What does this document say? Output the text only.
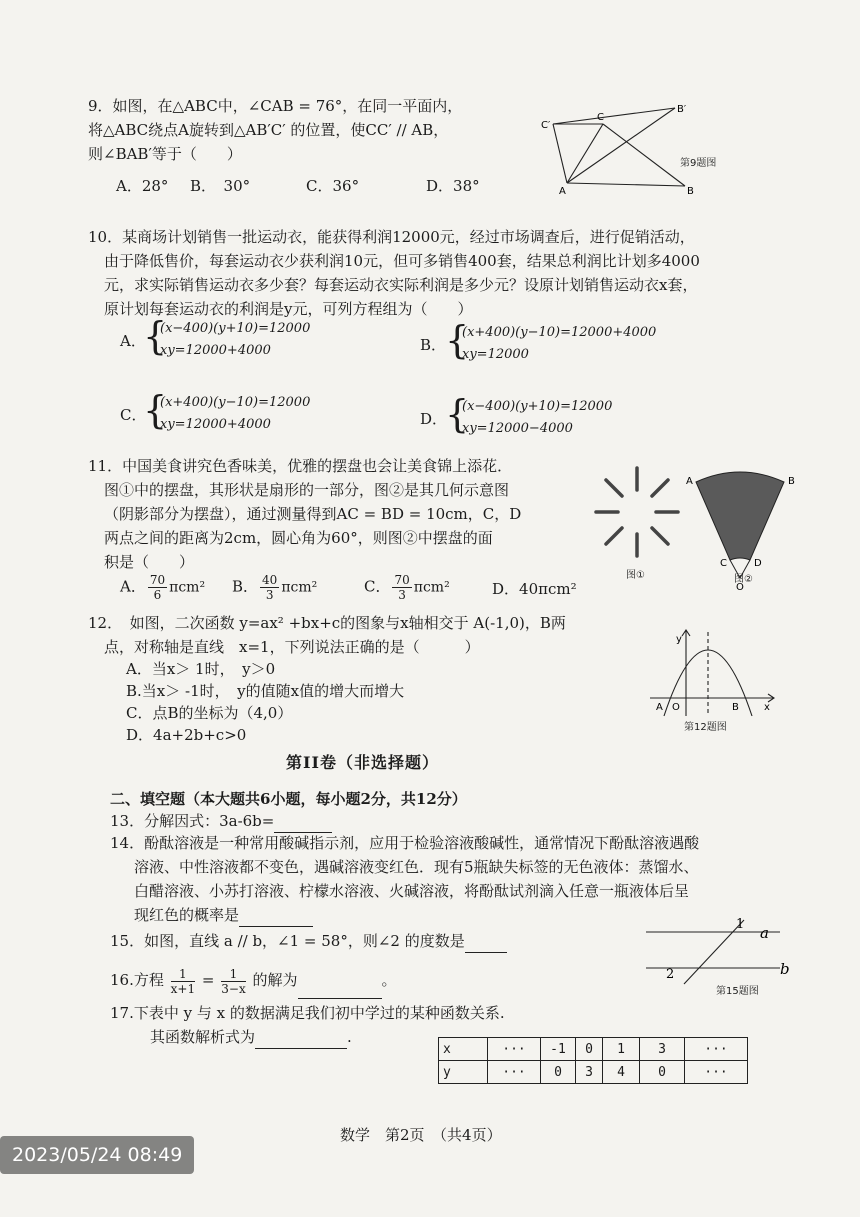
9．如图，在△ABC中，∠CAB = 76°，在同一平面内，
将△ABC绕点A旋转到△AB′C′ 的位置，使CC′ // AB，
则∠BAB′等于（　　）
A．28° B．　30°	C．36°	D．38°
C′
C
B′
A	B
第9题图
10．某商场计划销售一批运动衣，能获得利润12000元，经过市场调查后，进行促销活动，
由于降低售价，每套运动衣少获利润10元，但可多销售400套，结果总利润比计划多4000
元，求实际销售运动衣多少套？每套运动衣实际利润是多少元？设原计划销售运动衣x套，
原计划每套运动衣的利润是y元，可列方程组为（　　）
A．
{
(x−400)(y+10)=12000
xy=12000+4000	B．
{
(x+400)(y−10)=12000+4000
xy=12000
C．
{
(x+400)(y−10)=12000
xy=12000+4000	D．
{
(x−400)(y+10)=12000
xy=12000−4000
11．中国美食讲究色香味美，优雅的摆盘也会让美食锦上添花．
图①中的摆盘，其形状是扇形的一部分，图②是其几何示意图
（阴影部分为摆盘），通过测量得到AC = BD = 10cm，C，D
两点之间的距离为2cm，圆心角为60°，则图②中摆盘的面
积是（　　）
A． $\frac{70}{6} \pi cm^2$ B． $\frac{40}{3} \pi cm^2$	C． $\frac{70}{3} \pi cm^2$	D．40πcm²
图①
A	B
C	D
O
图②
12．　如图，二次函数 y=ax² +bx+c的图象与x轴相交于 A(-1,0)，B两
点，对称轴是直线　x=1，下列说法正确的是（　　　）
A．当x＞ 1时，　y＞0
B.当x＞ -1时，　y的值随x值的增大而增大
C．点B的坐标为（4,0）
D．4a+2b+c>0
y
A O	B	x
第12题图
第II卷（非选择题）
二、填空题（本大题共6小题，每小题2分，共12分）
13．分解因式：3a-6b=
14．酚酞溶液是一种常用酸碱指示剂，应用于检验溶液酸碱性，通常情况下酚酞溶液遇酸
溶液、中性溶液都不变色，遇碱溶液变红色．现有5瓶缺失标签的无色液体：蒸馏水、
白醋溶液、小苏打溶液、柠檬水溶液、火碱溶液，将酚酞试剂滴入任意一瓶液体后呈
现红色的概率是
15．如图，直线 a // b，∠1 = 58°，则∠2 的度数是	a
b
1
2
第15题图
16.方程 $\frac{1}{x+1} = \frac{1}{3-x}$ 的解为	。
17.下表中 y 与 x 的数据满足我们初中学过的某种函数关系.
其函数解析式为	.
x	···	-1	0	1	3	···
y	···	0	3	4	0	···
数学　第2页　（共4页）
2023/05/24 08:49
